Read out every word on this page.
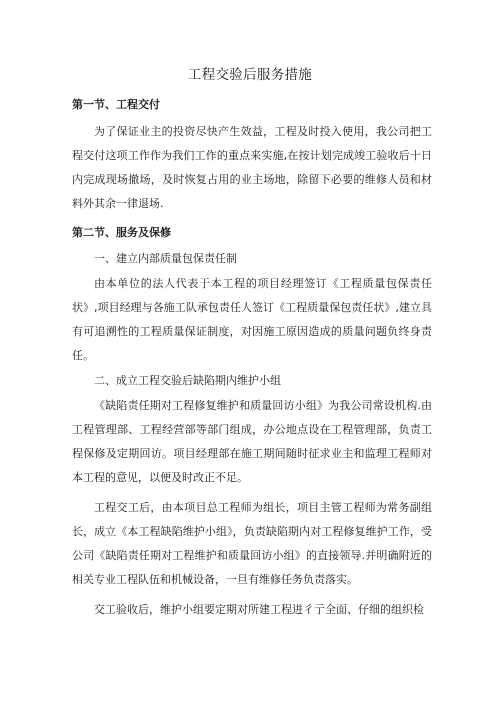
工程交验后服务措施
第一节、工程交付

为了保证业主的投资尽快产生效益，工程及时投入使用，我公司把工程交付这项工作作为我们工作的重点来实施,在按计划完成竣工验收后十日内完成现场撤场，及时恢复占用的业主场地，除留下必要的维修人员和材料外其余一律退场.

第二节、服务及保修
一、建立内部质量包保责任制

由本单位的法人代表于本工程的项目经理签订《工程质量包保责任状》,项目经理与各施工队承包责任人签订《工程质量保包责任状》,建立具有可追溯性的工程质量保证制度，对因施工原因造成的质量问题负终身责任。

二、成立工程交验后缺陷期内维护小组

《缺陷责任期对工程修复维护和质量回访小组》为我公司常设机构.由工程管理部、工程经营部等部门组成，办公地点设在工程管理部，负责工程保修及定期回访。项目经理部在施工期间随时征求业主和监理工程师对本工程的意见，以便及时改正不足。

工程交工后，由本项目总工程师为组长，项目主管工程师为常务副组长，成立《本工程缺陷维护小组》，负责缺陷期内对工程修复维护工作，受公司《缺陷责任期对工程维护和质量回访小组》的直接领导.并明确附近的相关专业工程队伍和机械设备，一旦有维修任务负责落实。

交工验收后，维护小组要定期对所建工程进彳亍全面、仔细的组织检
